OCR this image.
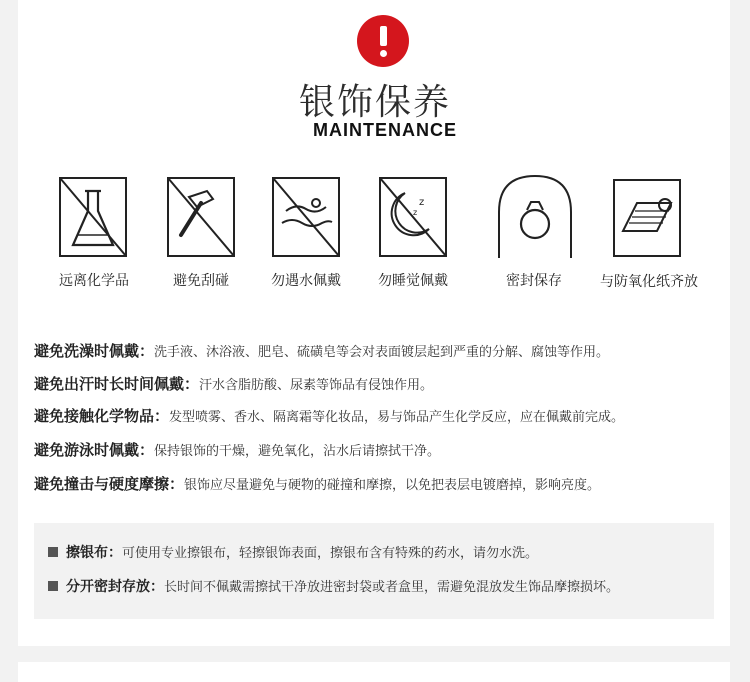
银饰保养
MAINTENANCE
远离化学品	避免刮碰	勿遇水佩戴
z
z
勿睡觉佩戴	密封保存	与防氧化纸齐放
避免洗澡时佩戴：洗手液、沐浴液、肥皂、硫磺皂等会对表面镀层起到严重的分解、腐蚀等作用。
避免出汗时长时间佩戴：汗水含脂肪酸、尿素等饰品有侵蚀作用。
避免接触化学物品：发型喷雾、香水、隔离霜等化妆品，易与饰品产生化学反应，应在佩戴前完成。
避免游泳时佩戴：保持银饰的干燥，避免氧化，沾水后请擦拭干净。
避免撞击与硬度摩擦：银饰应尽量避免与硬物的碰撞和摩擦，以免把表层电镀磨掉，影响亮度。
擦银布：可使用专业擦银布，轻擦银饰表面，擦银布含有特殊的药水，请勿水洗。
分开密封存放：长时间不佩戴需擦拭干净放进密封袋或者盒里，需避免混放发生饰品摩擦损坏。
